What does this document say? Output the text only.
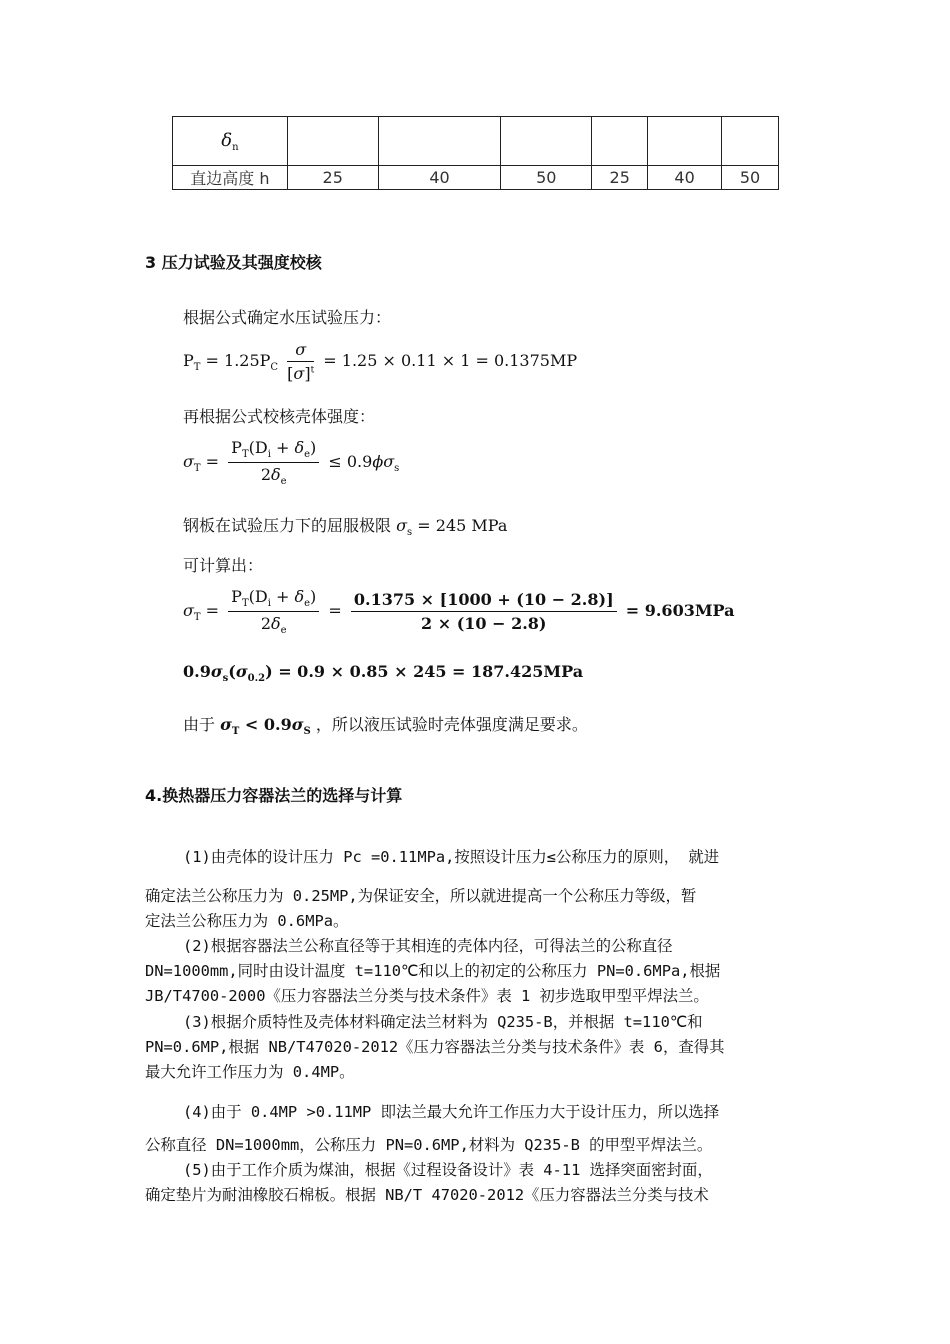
$\delta_n$						
直边高度 h	25	40	50	25	40	50
3 压力试验及其强度校核
根据公式确定水压试验压力：
$P_T = 1.25P_C \frac{\sigma}{[\sigma]^t} = 1.25 \times 0.11 \times 1 = 0.1375MP$
再根据公式校核壳体强度：
$\sigma_T = \frac{P_T(D_i + \delta_e)}{2\delta_e} \le 0.9\phi\sigma_s$
钢板在试验压力下的屈服极限 $\sigma_s = 245$ MPa
可计算出：
$\sigma_T = \frac{P_T(D_i + \delta_e)}{2\delta_e} = \frac{0.1375 \times [1000 + (10 - 2.8)]}{2 \times (10 - 2.8)} = 9.603MPa$
$0.9\sigma_s(\sigma_{0.2}) = 0.9 \times 0.85 \times 245 = 187.425MPa$
由于 $\sigma_T < 0.9\sigma_S$ ，所以液压试验时壳体强度满足要求。
4.换热器压力容器法兰的选择与计算
(1)由壳体的设计压力 Pc =0.11MPa,按照设计压力≤公称压力的原则， 就进
确定法兰公称压力为 0.25MP,为保证安全，所以就进提高一个公称压力等级，暂
定法兰公称压力为 0.6MPa。
(2)根据容器法兰公称直径等于其相连的壳体内径，可得法兰的公称直径
DN=1000mm,同时由设计温度 t=110℃和以上的初定的公称压力 PN=0.6MPa,根据
JB/T4700-2000《压力容器法兰分类与技术条件》表 1 初步选取甲型平焊法兰。
(3)根据介质特性及壳体材料确定法兰材料为 Q235-B，并根据 t=110℃和
PN=0.6MP,根据 NB/T47020-2012《压力容器法兰分类与技术条件》表 6，查得其
最大允许工作压力为 0.4MP。
(4)由于 0.4MP >0.11MP 即法兰最大允许工作压力大于设计压力，所以选择
公称直径 DN=1000mm，公称压力 PN=0.6MP,材料为 Q235-B 的甲型平焊法兰。
(5)由于工作介质为煤油，根据《过程设备设计》表 4-11 选择突面密封面，
确定垫片为耐油橡胶石棉板。根据 NB/T 47020-2012《压力容器法兰分类与技术
